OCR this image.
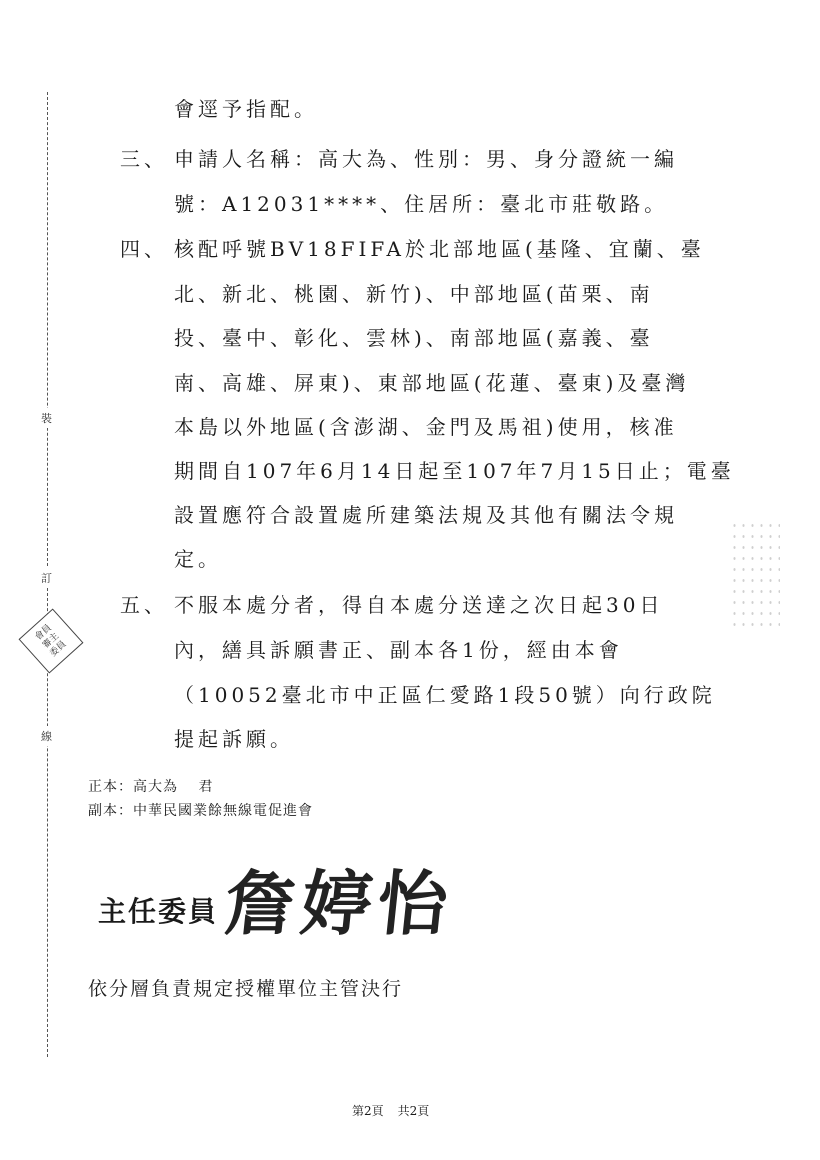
裝
訂
線
會員
審主
委員
會逕予指配。
三、 申請人名稱：高大為、性別：男、身分證統一編
號：A12031****、住居所：臺北市莊敬路。
四、 核配呼號BV18FIFA於北部地區(基隆、宜蘭、臺
北、新北、桃園、新竹)、中部地區(苗栗、南
投、臺中、彰化、雲林)、南部地區(嘉義、臺
南、高雄、屏東)、東部地區(花蓮、臺東)及臺灣
本島以外地區(含澎湖、金門及馬祖)使用，核准
期間自107年6月14日起至107年7月15日止；電臺
設置應符合設置處所建築法規及其他有關法令規
定。
五、 不服本處分者，得自本處分送達之次日起30日
內，繕具訴願書正、副本各1份，經由本會
（10052臺北市中正區仁愛路1段50號）向行政院
提起訴願。
正本：高大為　 君
副本：中華民國業餘無線電促進會
主任委員 詹婷怡
依分層負責規定授權單位主管決行
第2頁 共2頁
